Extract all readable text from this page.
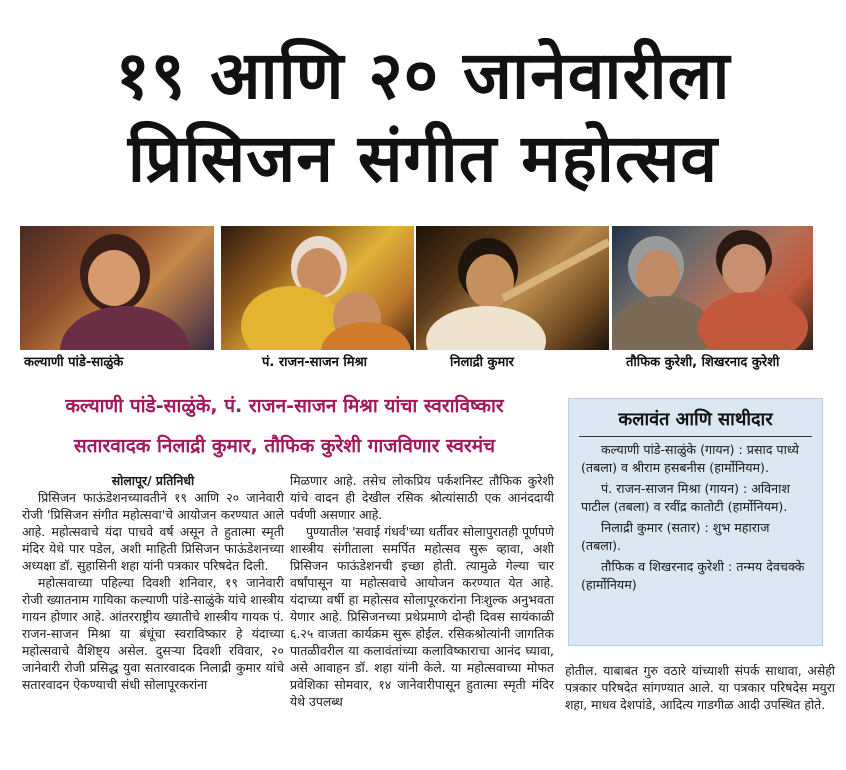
१९ आणि २० जानेवारीला
प्रिसिजन संगीत महोत्सव
कल्याणी पांडे-साळुंके	पं. राजन-साजन मिश्रा	निलाद्री कुमार	तौफिक कुरेशी, शिखरनाद कुरेशी
कल्याणी पांडे-साळुंके, पं. राजन-साजन मिश्रा यांचा स्वराविष्कार
सतारवादक निलाद्री कुमार, तौफिक कुरेशी गाजविणार स्वरमंच
सोलापूर/ प्रतिनिधी
प्रिसिजन फाऊंडेशनच्यावतीने १९ आणि २० जानेवारी रोजी 'प्रिसिजन संगीत महोत्सवा'चे आयोजन करण्यात आले आहे. महोत्सवाचे यंदा पाचवे वर्ष असून ते हुतात्मा स्मृती मंदिर येथे पार पडेल, अशी माहिती प्रिसिजन फाऊंडेशनच्या अध्यक्षा डॉ. सुहासिनी शहा यांनी पत्रकार परिषदेत दिली.
महोत्सवाच्या पहिल्या दिवशी शनिवार, १९ जानेवारी रोजी ख्यातनाम गायिका कल्याणी पांडे-साळुंके यांचे शास्त्रीय गायन होणार आहे. आंतरराष्ट्रीय ख्यातीचे शास्त्रीय गायक पं. राजन-साजन मिश्रा या बंधूंचा स्वराविष्कार हे यंदाच्या महोत्सवाचे वैशिष्ट्य असेल. दुसऱ्या दिवशी रविवार, २० जानेवारी रोजी प्रसिद्ध युवा सतारवादक निलाद्री कुमार यांचे सतारवादन ऐकण्याची संधी सोलापूरकरांना
मिळणार आहे. तसेच लोकप्रिय पर्कशनिस्ट तौफिक कुरेशी यांचे वादन ही देखील रसिक श्रोत्यांसाठी एक आनंददायी पर्वणी असणार आहे.
पुण्यातील 'सवाई गंधर्व'च्या धर्तीवर सोलापुरातही पूर्णपणे शास्त्रीय संगीताला समर्पित महोत्सव सुरू व्हावा, अशी प्रिसिजन फाऊंडेशनची इच्छा होती. त्यामुळे गेल्या चार वर्षांपासून या महोत्सवाचे आयोजन करण्यात येत आहे. यंदाच्या वर्षी हा महोत्सव सोलापूरकरांना निःशुल्क अनुभवता येणार आहे. प्रिसिजनच्या प्रथेप्रमाणे दोन्ही दिवस सायंकाळी ६.२५ वाजता कार्यक्रम सुरू होईल. रसिकश्रोत्यांनी जागतिक पातळीवरील या कलावंतांच्या कलाविष्काराचा आनंद घ्यावा, असे आवाहन डॉ. शहा यांनी केले. या महोत्सवाच्या मोफत प्रवेशिका सोमवार, १४ जानेवारीपासून हुतात्मा स्मृती मंदिर येथे उपलब्ध
होतील. याबाबत गुरु वठारे यांच्याशी संपर्क साधावा, असेही पत्रकार परिषदेत सांगण्यात आले. या पत्रकार परिषदेस मयुरा शहा, माधव देशपांडे, आदित्य गाडगीळ आदी उपस्थित होते.
कलावंत आणि साथीदार
कल्याणी पांडे-साळुंके (गायन) : प्रसाद पाध्ये (तबला) व श्रीराम हसबनीस (हार्मोनियम).
पं. राजन-साजन मिश्रा (गायन) : अविनाश पाटील (तबला) व रवींद्र कातोटी (हार्मोनियम).
निलाद्री कुमार (सतार) : शुभ महाराज (तबला).
तौफिक व शिखरनाद कुरेशी : तन्मय देवचक्के (हार्मोनियम)
